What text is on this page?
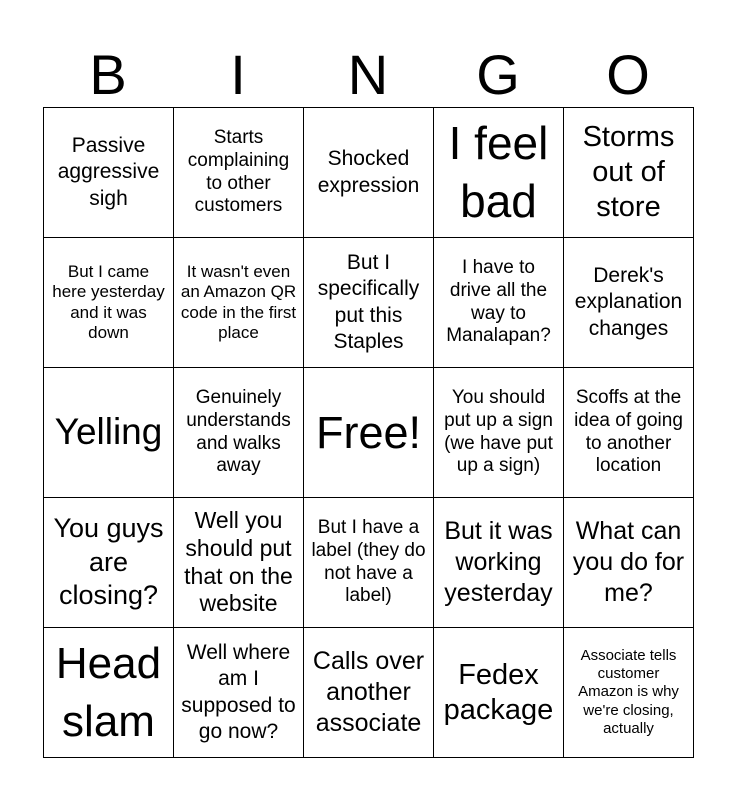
B	I	N	G	O
Passive aggressive sigh	Starts complaining to other customers	Shocked expression	I feel bad	Storms out of store
But I came here yesterday and it was down	It wasn't even an Amazon QR code in the first place	But I specifically put this Staples	I have to drive all the way to Manalapan?	Derek's explanation changes
Yelling	Genuinely understands and walks away	Free!	You should put up a sign (we have put up a sign)	Scoffs at the idea of going to another location
You guys are closing?	Well you should put that on the website	But I have a label (they do not have a label)	But it was working yesterday	What can you do for me?
Head slam	Well where am I supposed to go now?	Calls over another associate	Fedex package	Associate tells customer Amazon is why we're closing, actually
